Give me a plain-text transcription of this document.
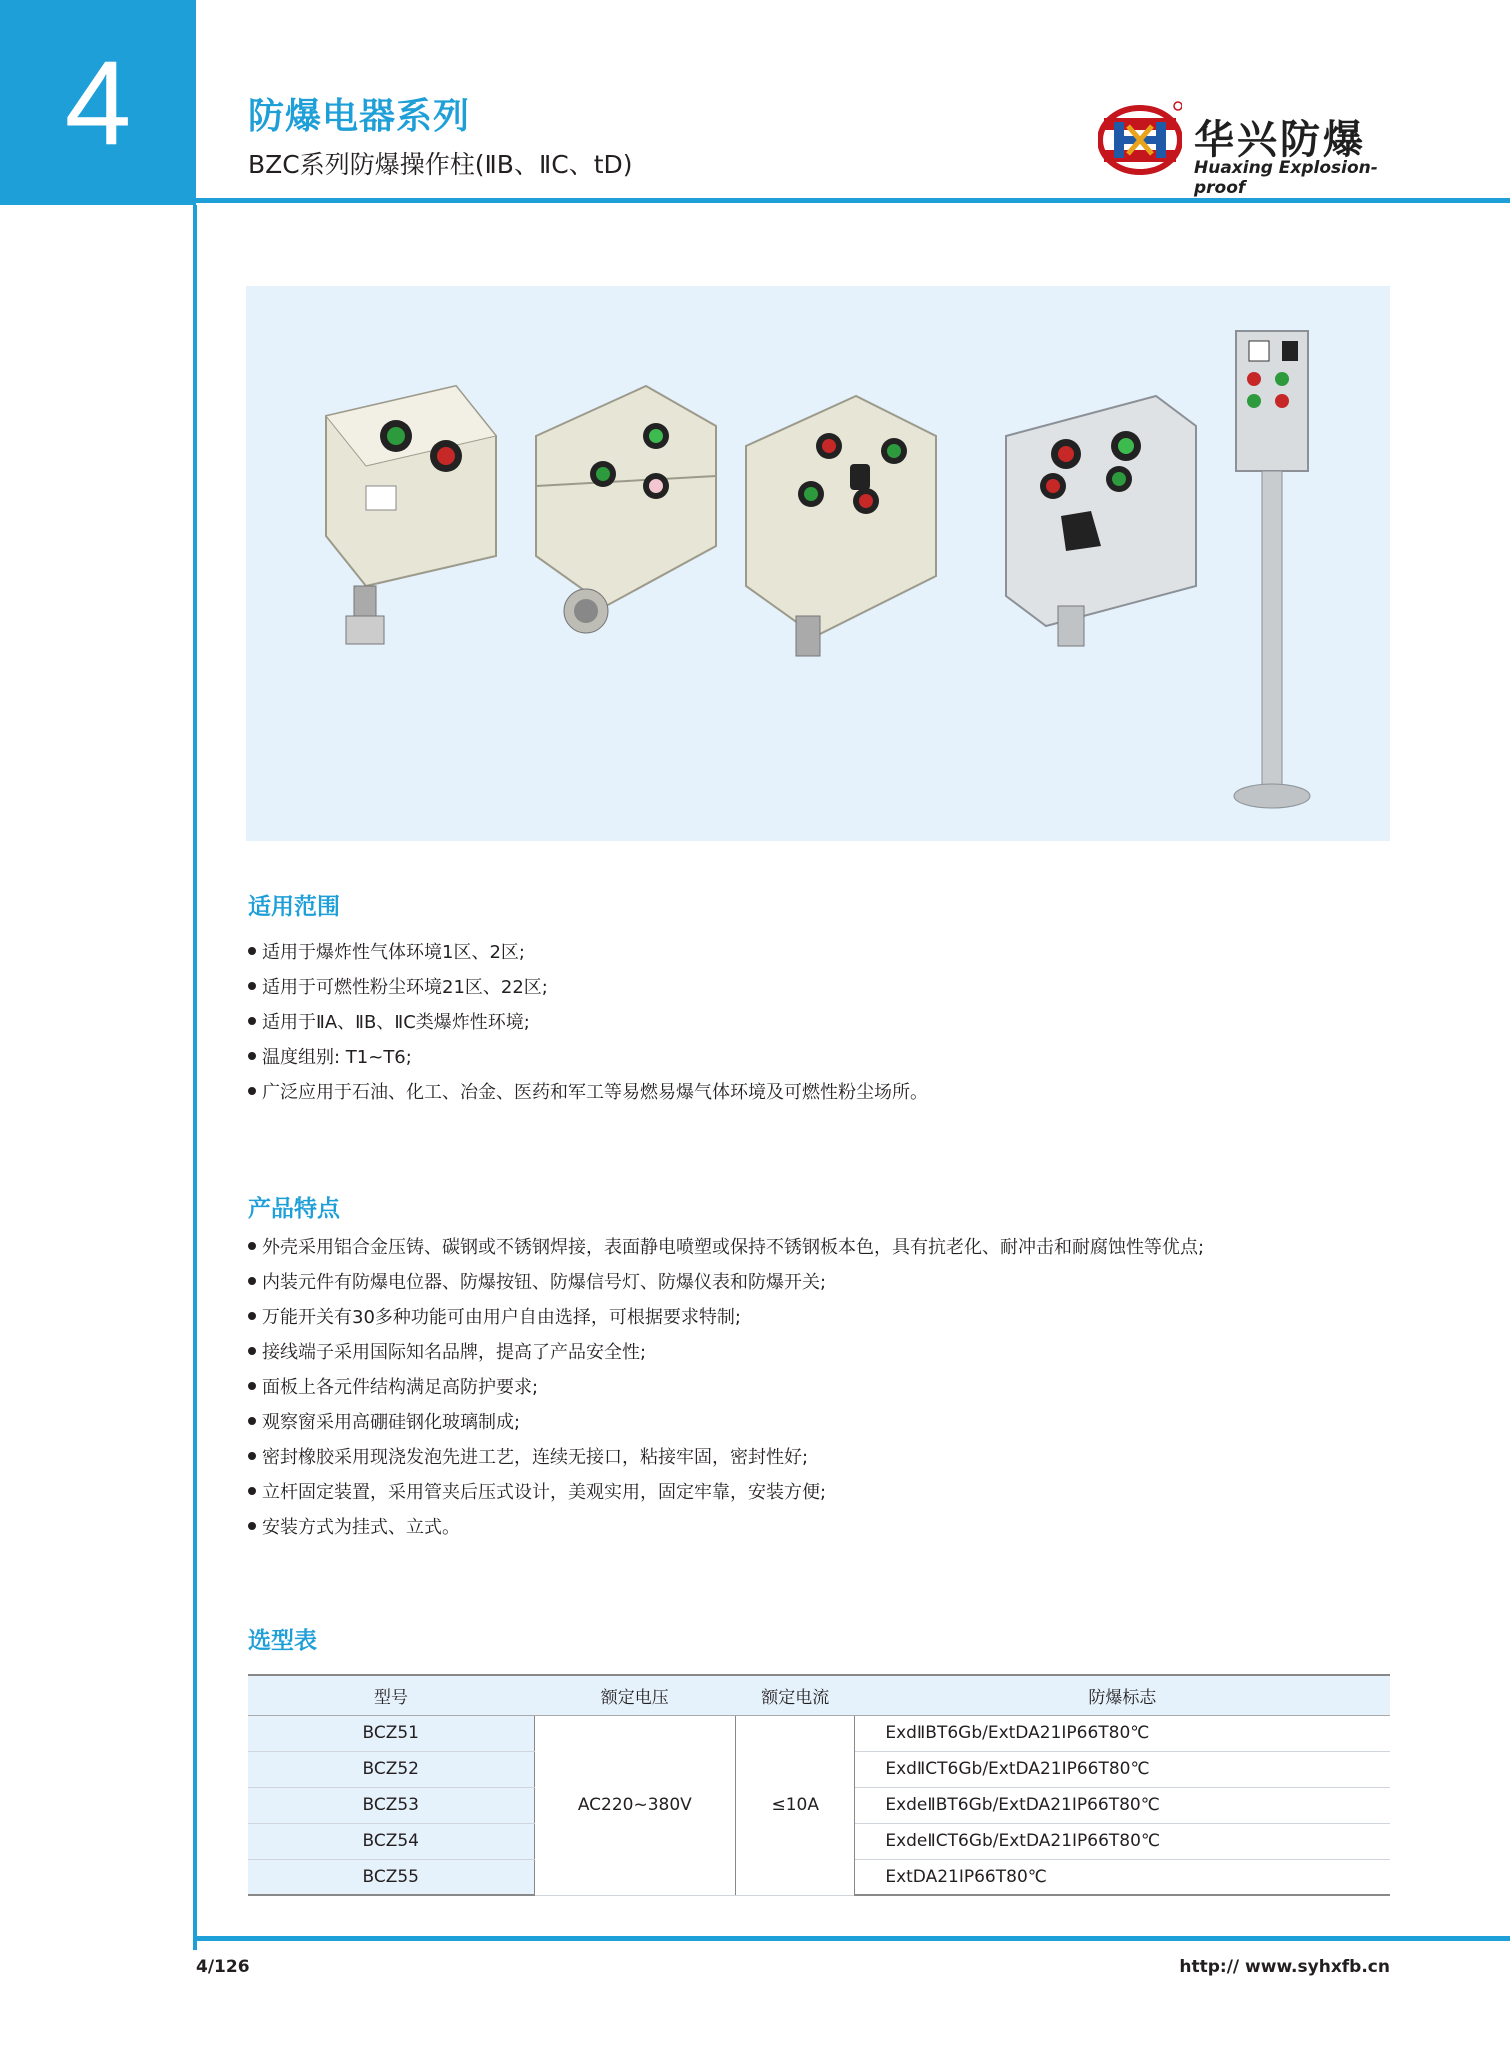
4	防爆电器系列
BZC系列防爆操作柱(ⅡB、ⅡC、tD)
华兴防爆
Huaxing Explosion-proof
适用范围
适用于爆炸性气体环境1区、2区;
适用于可燃性粉尘环境21区、22区;
适用于ⅡA、ⅡB、ⅡC类爆炸性环境;
温度组别: T1~T6;
广泛应用于石油、化工、冶金、医药和军工等易燃易爆气体环境及可燃性粉尘场所。
产品特点
外壳采用铝合金压铸、碳钢或不锈钢焊接，表面静电喷塑或保持不锈钢板本色，具有抗老化、耐冲击和耐腐蚀性等优点;
内装元件有防爆电位器、防爆按钮、防爆信号灯、防爆仪表和防爆开关;
万能开关有30多种功能可由用户自由选择，可根据要求特制;
接线端子采用国际知名品牌，提高了产品安全性;
面板上各元件结构满足高防护要求;
观察窗采用高硼硅钢化玻璃制成;
密封橡胶采用现浇发泡先进工艺，连续无接口，粘接牢固，密封性好;
立杆固定装置，采用管夹后压式设计，美观实用，固定牢靠，安装方便;
安装方式为挂式、立式。
选型表
型号	额定电压	额定电流	防爆标志
BCZ51	AC220~380V	≤10A	ExdⅡBT6Gb/ExtDA21IP66T80℃
BCZ52			ExdⅡCT6Gb/ExtDA21IP66T80℃
BCZ53			ExdeⅡBT6Gb/ExtDA21IP66T80℃
BCZ54			ExdeⅡCT6Gb/ExtDA21IP66T80℃
BCZ55			ExtDA21IP66T80℃
4/126	http:// www.syhxfb.cn
